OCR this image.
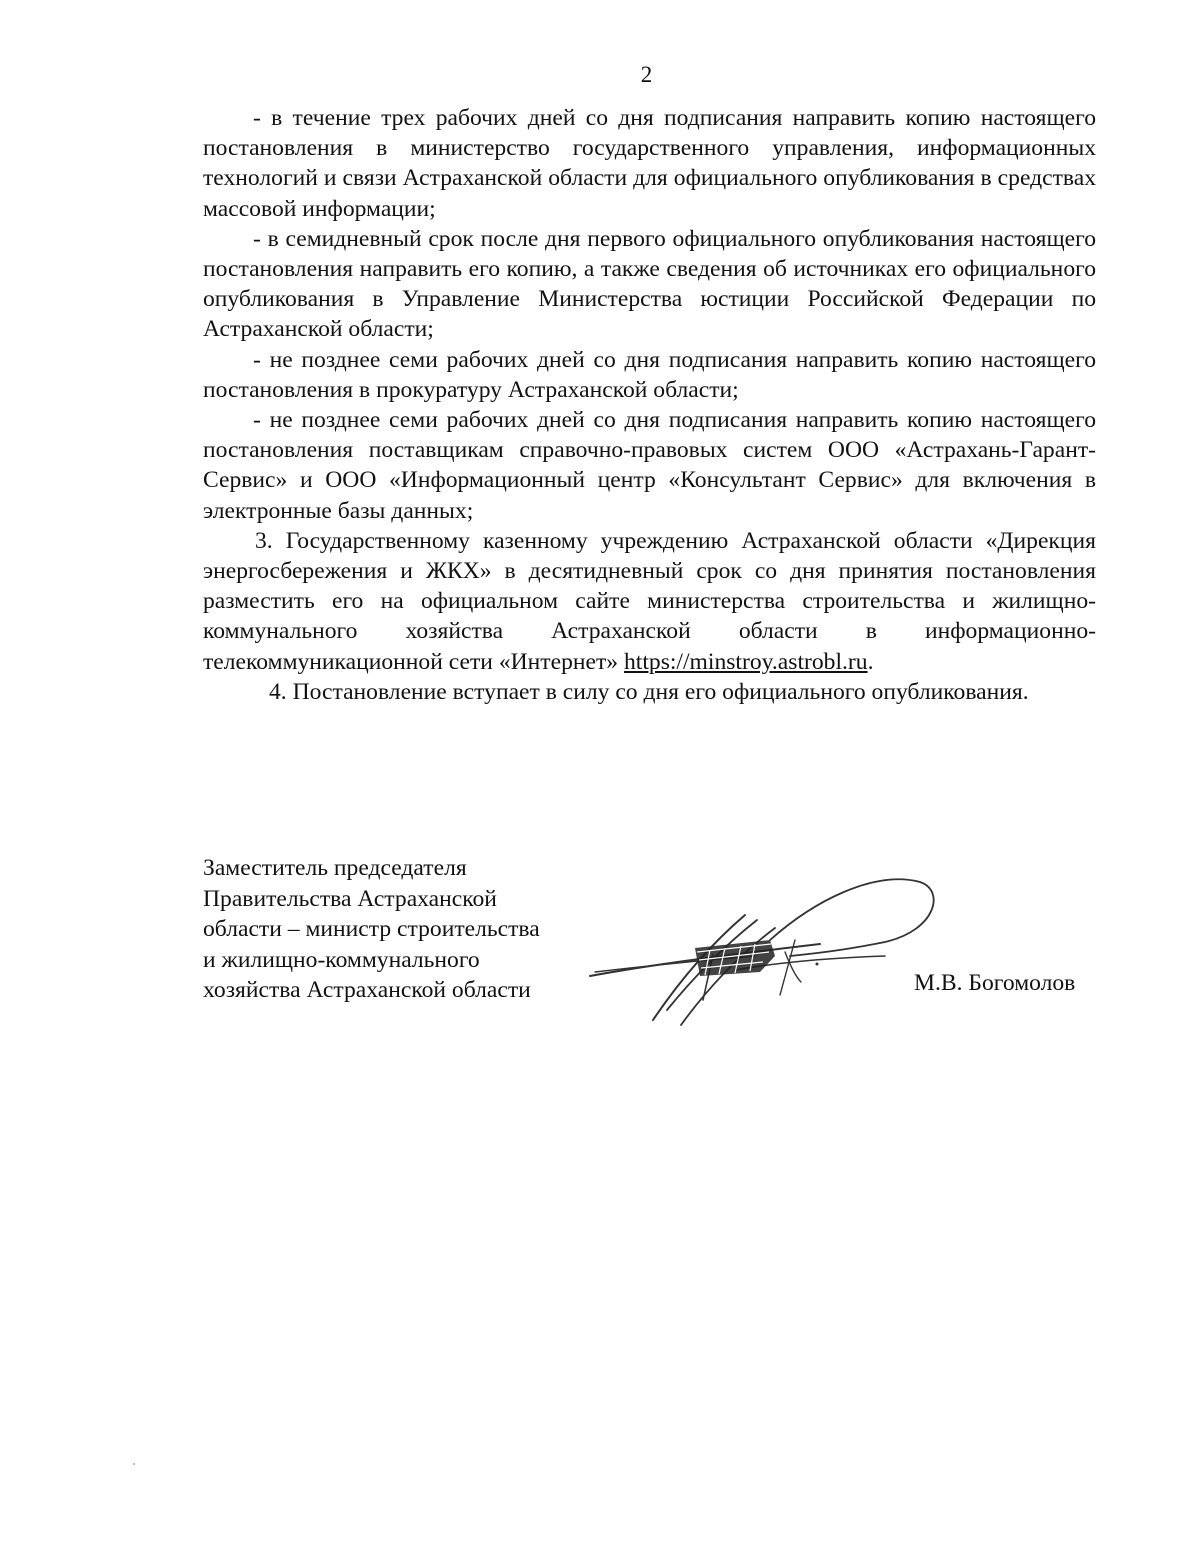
2

- в течение трех рабочих дней со дня подписания направить копию настоящего постановления в министерство государственного управления, информационных технологий и связи Астраханской области для официального опубликования в средствах массовой информации;

- в семидневный срок после дня первого официального опубликования настоящего постановления направить его копию, а также сведения об источниках его официального опубликования в Управление Министерства юстиции Российской Федерации по Астраханской области;

- не позднее семи рабочих дней со дня подписания направить копию настоящего постановления в прокуратуру Астраханской области;

- не позднее семи рабочих дней со дня подписания направить копию настоящего постановления поставщикам справочно-правовых систем ООО «Астрахань-Гарант-Сервис» и ООО «Информационный центр «Консультант Сервис» для включения в электронные базы данных;

3. Государственному казенному учреждению Астраханской области «Дирекция энергосбережения и ЖКХ» в десятидневный срок со дня принятия постановления разместить его на официальном сайте министерства строительства и жилищно-коммунального хозяйства Астраханской области в информационно-телекоммуникационной сети «Интернет» https://minstroy.astrobl.ru.

4. Постановление вступает в силу со дня его официального опубликования.

Заместитель председателя
Правительства Астраханской
области – министр строительства
и жилищно-коммунального
хозяйства Астраханской области	М.В. Богомолов
